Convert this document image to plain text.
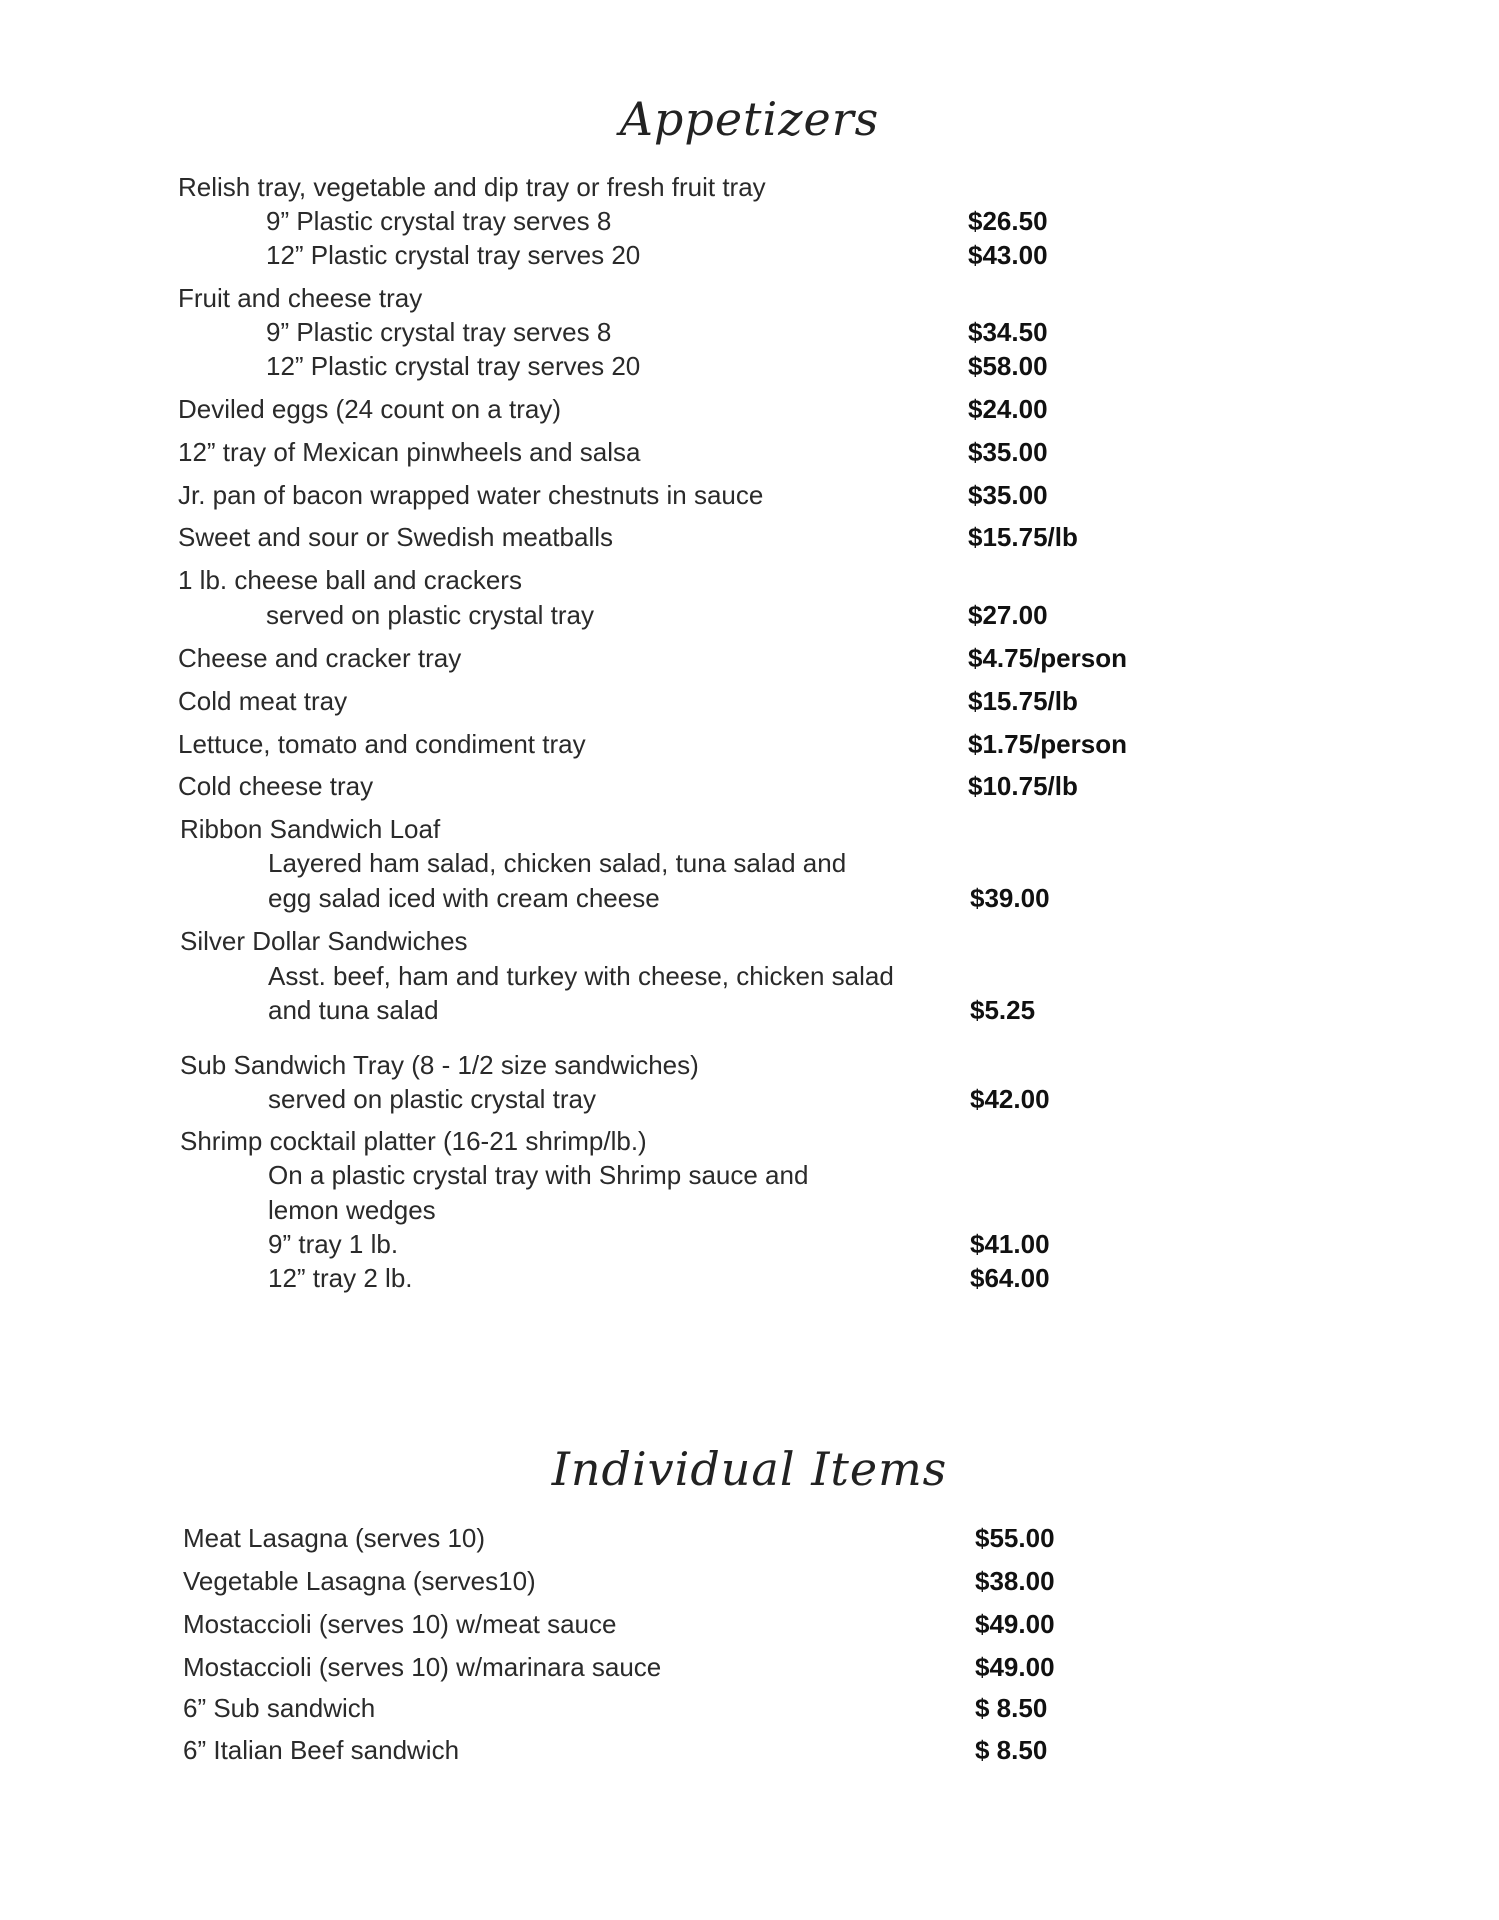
Appetizers
Relish tray, vegetable and dip tray or fresh fruit tray
9” Plastic crystal tray serves 8	$26.50
12” Plastic crystal tray serves 20	$43.00
Fruit and cheese tray
9” Plastic crystal tray serves 8	$34.50
12” Plastic crystal tray serves 20	$58.00
Deviled eggs (24 count on a tray)	$24.00
12” tray of Mexican pinwheels and salsa	$35.00
Jr. pan of bacon wrapped water chestnuts in sauce	$35.00
Sweet and sour or Swedish meatballs	$15.75/lb
1 lb. cheese ball and crackers
served on plastic crystal tray	$27.00
Cheese and cracker tray	$4.75/person
Cold meat tray	$15.75/lb
Lettuce, tomato and condiment tray	$1.75/person
Cold cheese tray	$10.75/lb
Ribbon Sandwich Loaf
Layered ham salad, chicken salad, tuna salad and
egg salad iced with cream cheese	$39.00
Silver Dollar Sandwiches
Asst. beef, ham and turkey with cheese, chicken salad
and tuna salad	$5.25
Sub Sandwich Tray (8 - 1/2 size sandwiches)
served on plastic crystal tray	$42.00
Shrimp cocktail platter (16-21 shrimp/lb.)
On a plastic crystal tray with Shrimp sauce and
lemon wedges
9” tray 1 lb.	$41.00
12” tray 2 lb.	$64.00
Individual Items
Meat Lasagna (serves 10)	$55.00
Vegetable Lasagna (serves10)	$38.00
Mostaccioli (serves 10) w/meat sauce	$49.00
Mostaccioli (serves 10) w/marinara sauce	$49.00
6” Sub sandwich	$ 8.50
6” Italian Beef sandwich	$ 8.50
